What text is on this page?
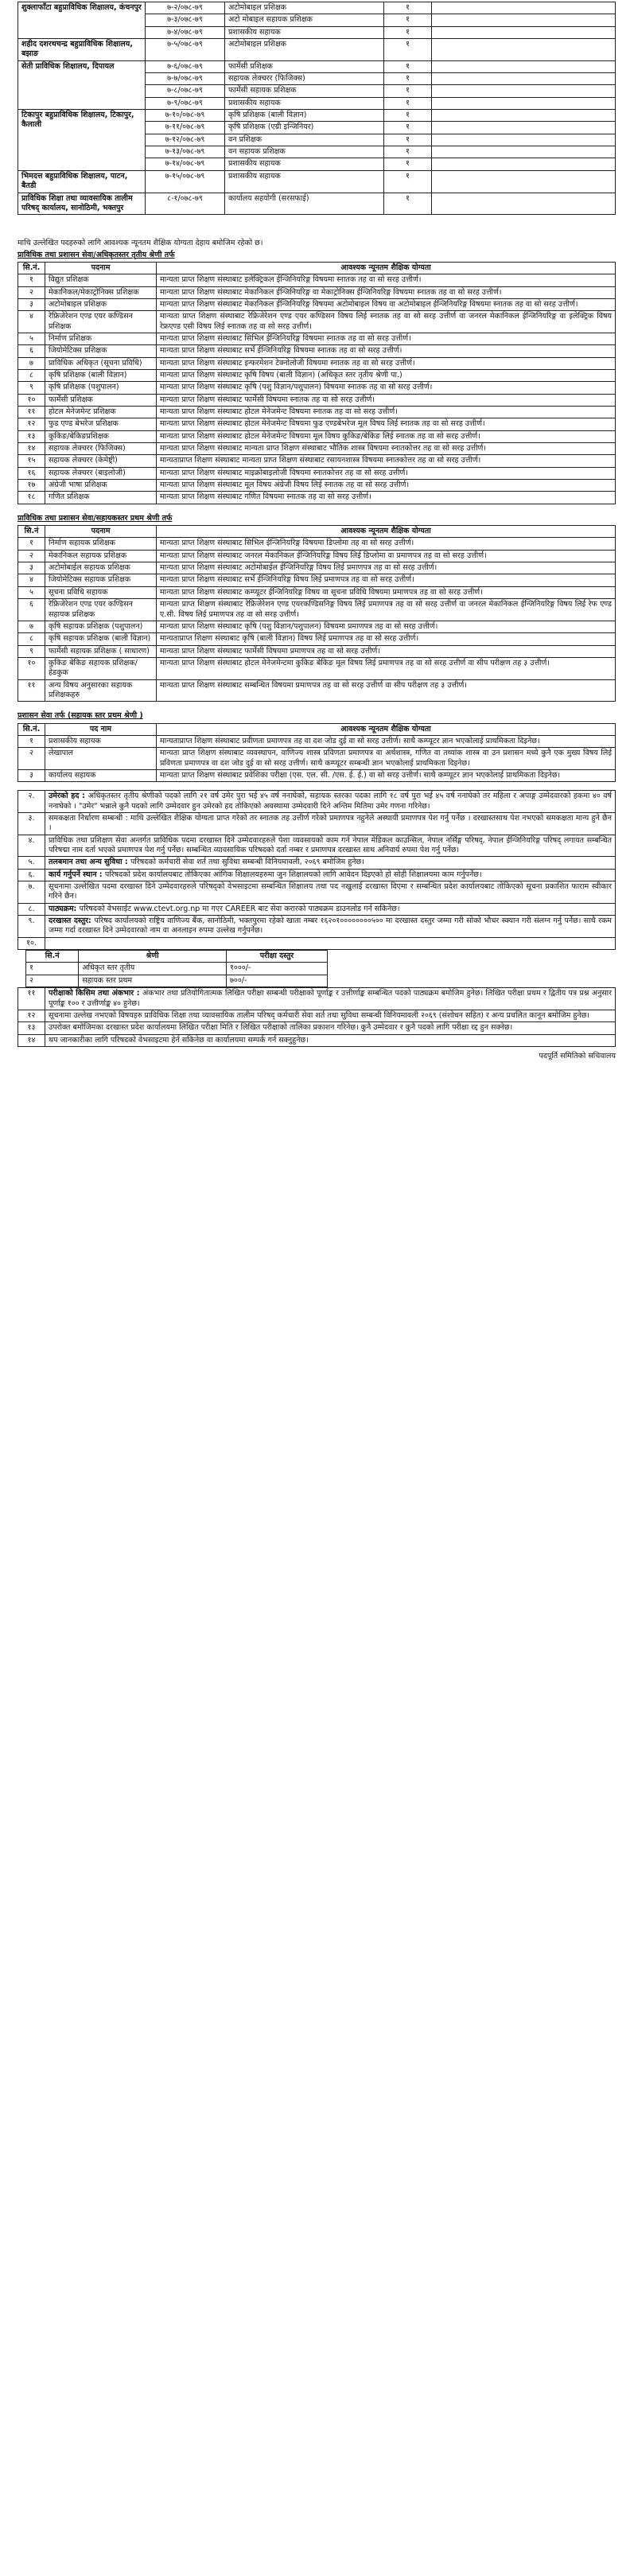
शुक्लाफाँटा बहुप्राविधिक शिक्षालय, कंचनपुर	७-२/०७८-७९	अटोमोबाइल प्रशिक्षक	१	
	७-३/०७८-७९	अटो मोबाइल सहायक प्रशिक्षक	१	
	७-४/०७८-७९	प्रशासकीय सहायक	१	
शहीद दशरथचन्द्र बहुप्राविधिक शिक्षालय, बझाङ	७-५/०७८-७९	अटोमोबाइल प्रशिक्षक	१	
सेती प्राविधिक शिक्षालय, दिपायल	७-६/०७८-७९	फार्मेसी प्रशिक्षक	१	
	७-७/०७८-७९	सहायक लेक्चरर (फिजिक्स)	१	
	७-८/०७८-७९	फार्मेसी सहायक प्रशिक्षक	१	
	७-९/०७८-७९	प्रशासकीय सहायक	१	
टिकापुर बहुप्राविधिक शिक्षालय, टिकापुर, कैलाली	७-१०/०७८-७९	कृषि प्रशिक्षक (बाली विज्ञान)	१	
	७-११/०७८-७९	कृषि प्रशिक्षक (एग्री इन्जिनियर)	१	
	७-१२/०७८-७९	वन प्रशिक्षक	१	
	७-१३/०७८-७९	वन सहायक प्रशिक्षक	१	
	७-१४/०७८-७९	प्रशासकीय सहायक	१	
भिमदत्त बहुप्राविधिक शिक्षालय, पाटन, बैतडी	७-१५/०७८-७९	प्रशासकीय सहायक	१	
प्राविधिक शिक्षा तथा व्यावसायिक तालीम परिषद् कार्यालय, सानोठिमी, भक्तपुर	८-१/०७८-७९	कार्यालय सहयोगी (सरसफाई)	१	
माथि उल्लेखित पदहरुको लागि आवश्यक न्यूनतम शैक्षिक योग्यता देहाय बमोजिम रहेको छ।
प्राविधिक तथा प्रशासन सेवा/अधिकृतस्तर तृतीय श्रेणी तर्फ
सि.नं.	पदनाम	आवश्यक न्यूनतम शैक्षिक योग्यता
१	विद्युत प्रशिक्षक	मान्यता प्राप्त शिक्षण संस्थाबाट इलेक्ट्रिकल ईन्जिनियरिङ्ग विषयमा स्नातक तह वा सो सरह उत्तीर्ण।
२	मेकानिकल/मेकाट्रोनिक्स प्रशिक्षक	मान्यता प्राप्त शिक्षण संस्थाबाट मेकानिकल ईन्जिनियरिङ्ग वा मेकाट्रोनिक्स ईन्जिनियरिङ्ग विषयमा स्नातक तह वा सो सरह उत्तीर्ण।
३	अटोमोबाइल प्रशिक्षक	मान्यता प्राप्त शिक्षण संस्थाबाट मेकानिकल ईन्जिनियरिङ्ग विषयमा अटोमोबाइल विषय वा अटोमोबाइल ईन्जिनियरिङ्ग विषयमा स्नातक तह वा सो सरह उत्तीर्ण।
४	रेफ्रिजेरेशन एण्ड एयर कण्डिसन प्रशिक्षक	मान्यता प्राप्त शिक्षण संस्थाबाट रेफ्रिजेरेशन एण्ड एयर कण्डिसन विषय लिई स्नातक तह वा सो सरह उत्तीर्ण वा जनरल मेकानिकल ईन्जिनियरिङ्ग वा इलेक्ट्रिक विषय रेफ्रएण्ड एसी विषय लिई स्नातक तह वा सो सरह उत्तीर्ण।
५	निर्माण प्रशिक्षक	मान्यता प्राप्त शिक्षण संस्थाबाट सिभिल ईन्जिनियरिङ्ग विषयमा स्नातक तह वा सो सरह उत्तीर्ण।
६	जियोमेटिक्स प्रशिक्षक	मान्यता प्राप्त शिक्षण संस्थाबाट सर्भे ईन्जिनियरिङ्ग विषयमा स्नातक तह वा सो सरह उत्तीर्ण।
७	प्राविधिक अधिकृत (सूचना प्रविधि)	मान्यता प्राप्त शिक्षण संस्थाबाट इन्फरमेशन टेक्नोलोजी विषयमा स्नातक तह वा सो सरह उत्तीर्ण।
८	कृषि प्रशिक्षक (बाली विज्ञान)	मान्यता प्राप्त शिक्षण संस्थाबाट कृषि विषय (बाली विज्ञान) (अधिकृत स्तर तृतीय श्रेणी पा.)
९	कृषि प्रशिक्षक (पशुपालन)	मान्यता प्राप्त शिक्षण संस्थाबाट कृषि (पशु विज्ञान/पशुपालन) विषयमा स्नातक तह वा सो सरह उत्तीर्ण।
१०	फार्मेसी प्रशिक्षक	मान्यता प्राप्त शिक्षण संस्थाबाट फार्मेसी विषयमा स्नातक तह वा सो सरह उत्तीर्ण।
११	होटल मेनेजमेन्ट प्रशिक्षक	मान्यता प्राप्त शिक्षण संस्थाबाट होटल मेनेजमेन्ट विषयमा स्नातक तह वा सो सरह उत्तीर्ण।
१२	फुड एण्ड बेभरेज प्रशिक्षक	मान्यता प्राप्त शिक्षण संस्थाबाट होटल मेनेजमेन्ट विषयमा फुड एण्डबेभरेज मूल विषय लिई स्नातक तह वा सो सरह उत्तीर्ण।
१३	कुकिङ/बेकिङप्रशिक्षक	मान्यता प्राप्त शिक्षण संस्थाबाट होटल मेनेजमेन्ट विषयमा मूल विषय कुकिङ/बेकिङ लिई स्नातक तह वा सो सरह उत्तीर्ण।
१४	सहायक लेक्चरर (फिजिक्स)	मान्यता प्राप्त शिक्षण संस्थाबाट मान्यता प्राप्त शिक्षण संस्थाबाट भौतिक शास्त्र विषयमा स्नातकोत्तर तह वा सो सरह उत्तीर्ण।
१५	सहायक लेक्चरर (केमेष्ट्री)	मान्यताप्राप्त शिक्षण संस्थाबाट मान्यता प्राप्त शिक्षण संस्थाबाट रसायनशास्त्र विषयमा स्नातकोत्तर तह वा सो सरह उत्तीर्ण।
१६	सहायक लेक्चरर (बाइलोजी)	मान्यता प्राप्त शिक्षण संस्थाबाट माइक्रोबाइलोजी विषयमा स्नातकोत्तर तह वा सो सरह उत्तीर्ण।
१७	अंग्रेजी भाषा प्रशिक्षक	मान्यता प्राप्त शिक्षण संस्थाबाट मूल विषय अंग्रेजी विषय लिई स्नातक तह वा सो सरह उत्तीर्ण।
१८	गणित प्रशिक्षक	मान्यता प्राप्त शिक्षण संस्थाबाट गणित विषयमा स्नातक तह वा सो सरह उत्तीर्ण।
प्राविधिक तथा प्रशासन सेवा/सहायकस्तर प्रथम श्रेणी तर्फ
सि.नं	पदनाम	आवश्यक न्यूनतम शैक्षिक योग्यता
१	निर्माण सहायक प्रशिक्षक	मान्यता प्राप्त शिक्षण संस्थाबाट सिभिल ईन्जिनियरिङ्ग विषयमा डिप्लोमा तह वा सो सरह उत्तीर्ण।
२	मेकानिकल सहायक प्रशिक्षक	मान्यता प्राप्त शिक्षण संस्थाबाट जनरल मेकानिकल ईन्जिनियरिङ्ग विषय लिई डिप्लोमा वा प्रमाणपत्र तह वा सो सरह उत्तीर्ण।
३	अटोमोबाईल सहायक प्रशिक्षक	मान्यता प्राप्त शिक्षण संस्थाबाट अटोमोबाईल ईन्जिनियरिङ्ग विषय लिई प्रमाणपत्र तह वा सो सरह उत्तीर्ण।
४	जियोमेटिक्स सहायक प्रशिक्षक	मान्यता प्राप्त शिक्षण संस्थाबाट सर्भे ईन्जिनियरिङ्ग विषय लिई प्रमाणपत्र तह वा सो सरह उत्तीर्ण।
५	सूचना प्रविधि सहायक	मान्यता प्राप्त शिक्षण संस्थाबाट कम्प्यूटर ईन्जिनियरिङ्ग विषय वा सूचना प्रविधि विषयमा प्रमाणपत्र तह वा सो सरह उत्तीर्ण।
६	रेफ्रिजेरेशन एण्ड एयर कण्डिसन सहायक प्रशिक्षक	मान्यता प्राप्त शिक्षण संस्थाबाट रेफ्रिजेरेशन एण्ड एयरकण्डिसनिङ्ग विषय लिई प्रमाणपत्र तह वा सो सरह उत्तीर्ण वा जनरल मेकानिकल ईन्जिनियरिङ्ग विषय लिई रेफ एण्ड ए.सी. विषय लिई प्रमाणपत्र तह वा सो सरह उत्तीर्ण।
७	कृषि सहायक प्रशिक्षक (पशुपालन)	मान्यता प्राप्त शिक्षण संस्थाबाट कृषि (पशु विज्ञान/पशुपालन) विषयमा प्रमाणपत्र तह वा सो सरह उत्तीर्ण।
८	कृषि सहायक प्रशिक्षक (बाली विज्ञान)	मान्यताप्राप्त शिक्षण संस्थाबाट कृषि (बाली विज्ञान) विषय लिई प्रमाणपत्र तह वा सो सरह उत्तीर्ण।
९	फार्मेसी सहायक प्रशिक्षक ( साधारण)	मान्यता प्राप्त शिक्षण संस्थाबाट फार्मेसी विषयमा प्रमाणपत्र तह वा सो सरह उत्तीर्ण।
१०	कुकिङ बेकिङ सहायक प्रशिक्षक/ हेडकुक	मान्यता प्राप्त शिक्षण संस्थाबाट होटल मेनेजमेन्टमा कुकिङ बेकिङ मूल विषय लिई प्रमाणपत्र तह वा सो सरह उत्तीर्ण वा सीप परीक्षण तह ३ उत्तीर्ण।
११	अन्य विषय अनुसारका सहायक प्रशिक्षकहरु	मान्यता प्राप्त शिक्षण संस्थाबाट सम्बन्धित विषयमा प्रमाणपत्र तह वा सो सरह उत्तीर्ण वा सीप परीक्षण तह ३ उत्तीर्ण।
प्रशासन सेवा तर्फ (सहायक स्तर प्रथम श्रेणी )
सि.नं.	पद नाम	आवश्यक न्यूनतम शैक्षिक योग्यता
१	प्रशासकीय सहायक	मान्यताप्राप्त शिक्षण संस्थाबाट प्रवीणता प्रमाणपत्र तह वा दश जोड दुई वा सो सरह उत्तीर्ण। साथै कम्प्यूटर ज्ञान भएकोलाई प्राथमिकता दिइनेछ।
२	लेखापाल	मान्यता प्राप्त शिक्षण संस्थाबाट व्यवस्थापन, वाणिज्य शास्त्र प्रविणता प्रमाणपत्र वा अर्थशास्त्र, गणित वा तथ्यांक शास्त्र वा उन प्रशासन मध्ये कुनै एक मुख्य विषय लिई प्रविणता प्रमाणपत्र वा दश जोड दुई वा सो सरह उत्तीर्ण। साथै कम्प्यूटर सम्बन्धी ज्ञान भएकोलाई प्राथमिकता दिइनेछ।
३	कार्यालय सहायक	मान्यता प्राप्त शिक्षण संस्थाबाट प्रवेशिका परीक्षा (एस. एल. सी. /एस. ई. ई.) वा सो सरह उत्तीर्ण। साथै कम्प्यूटर ज्ञान भएकोलाई प्राथमिकता दिइनेछ।
२.	उमेरको हद : अधिकृतस्तर तृतीय श्रेणीको पदको लागि २१ वर्ष उमेर पुरा भई ४५ वर्ष ननाघेको, सहायक स्तरका पदका लागि १८ वर्ष पुरा भई ४५ वर्ष ननाघेको तर महिला र अपाङ्ग उम्मेदवारको हकमा ४० वर्ष ननाघेको । "उमेर" भन्नाले कुनै पदको लागि उम्मेदवार हुन उमेरको हद तोकिएको अवस्थामा उम्मेदवारी दिने अन्तिम मितिमा उमेर गणना गरिनेछ।
३.	समकक्षता निर्धारण सम्बन्धी : माथि उल्लेखित शैक्षिक योग्यता प्राप्त गरेको तर स्नातक तह उत्तीर्ण गरेको प्रमाणपत्र नहुनेले अस्थायी प्रमाणपत्र पेश गर्नु पर्नेछ । दरखास्तसाथ पेश नभएको समकक्षता मान्य हुने छैन ।
४.	प्राविधिक तथा प्रशिक्षण सेवा अन्तर्गत प्राविधिक पदमा दरखास्त दिने उम्मेदवारहरुले पेशा व्यवसायको काम गर्न नेपाल मेडिकल काउन्सिल, नेपाल नर्सिङ्ग परिषद्, नेपाल ईन्जिनियरिङ्ग परिषद् लगायत सम्बन्धित परिषद्मा नाम दर्ता भएको प्रमाणपत्र पेश गर्नु पर्नेछ। सम्बन्धित व्यावसायिक परिषदको दर्ता नम्बर र प्रमाणपत्र दरखास्त साथ अनिवार्य रुपमा पेश गर्नु पर्नेछ।
५.	तलबमान तथा अन्य सुविधा : परिषदको कर्मचारी सेवा शर्त तथा सुविधा सम्बन्धी विनियमावली, २०६९ बमोजिम हुनेछ।
६.	कार्य गर्नुपर्ने स्थान : परिषदको प्रदेश कार्यालयबाट तोकिएका आंगिक शिक्षालयहरुमा जुन शिक्षालयको लागि आवेदन दिइएको हो सोही शिक्षालयमा काम गर्नुपर्नेछ।
७.	सूचनामा उल्लेखित पदमा दरखास्त दिने उम्मेदवारहरुले परिषद्को वेभसाइटमा सम्बन्धित शिक्षालय तथा पद नखुलाई दरखास्त दिएमा र सम्बन्धित प्रदेश कार्यालयबाट तोकिएको सूचना प्रकाशित फाराम स्वीकार गरिने छैन।
८.	पाठ्यक्रम: परिषदको वेभसाईट www.ctevt.org.np मा गएर CAREER बाट सेवा करारको पाठ्यक्रम डाउनलोड गर्न सकिनेछ।
९.	दरखास्त दस्तुर: परिषद कार्यालयको राष्ट्रिय वाणिज्य बैंक, सानोठिमी, भक्तपुरमा रहेको खाता नम्बर १६२०१००००००००५०० मा दरखास्त दस्तुर जम्मा गरी सोको भौचर स्क्यान गरी संलग्न गर्नु पर्नेछ। साथै रकम जम्मा गर्दा दरखास्त दिने उम्मेदवारको नाम वा अनलाइन रुपमा उल्लेख गर्नुपर्नेछ।
१०.	
सि.नं	श्रेणी	परीक्षा दस्तुर
१	अधिकृत स्तर तृतीय	१०००/-
२	सहायक स्तर प्रथम	७००/-
११	परीक्षाको किसिम तथा अंकभार : अंकभार तथा प्रतियोगितात्मक लिखित परीक्षा सम्बन्धी परीक्षाको पूर्णाङ्क र उत्तीर्णाङ्क सम्बन्धित पदको पाठ्यक्रम बमोजिम हुनेछ। लिखित परीक्षा प्रथम र द्वितीय पत्र प्रश्न अनुसार पूर्णाङ्क १०० र उत्तीर्णाङ्क ४० हुनेछ।
१२	सूचनामा उल्लेख नभएको विषयहरु प्राविधिक शिक्षा तथा व्यावसायिक तालीम परिषद् कर्मचारी सेवा शर्त तथा सुविधा सम्बन्धी विनियमावली २०६९ (संशोधन सहित) र अन्य प्रचलित कानून बमोजिम हुनेछ।
१३	उपरोक्त बमोजिमका दरखास्त प्रदेश कार्यालयमा लिखित परीक्षा मिति र लिखित परीक्षाको तालिका प्रकाशन गरिनेछ। कुनै उम्मेदवार र कुनै पदको लागि परीक्षा रद्द हुन सक्नेछ।
१४	थप जानकारीका लागि परिषदको वेभसाइटमा हेर्न सकिनेछ वा कार्यालयमा सम्पर्क गर्न सक्नुहुनेछ।
पदपूर्ति समितिको सचिवालय
